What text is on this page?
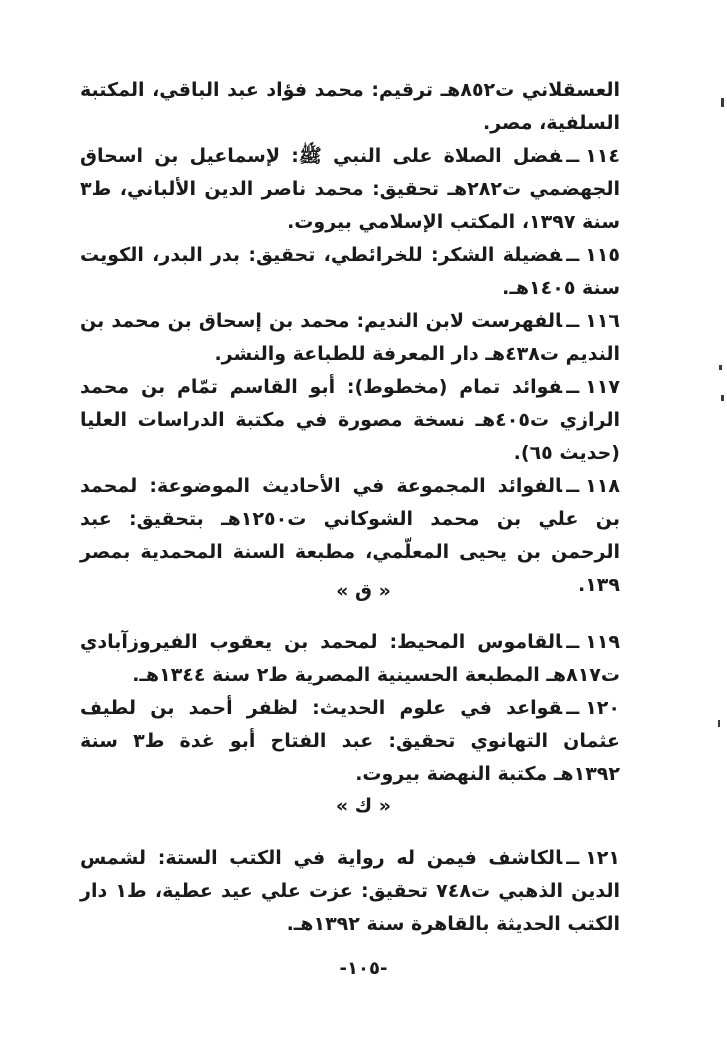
العسقلاني ت٨٥٢هـ ترقيم: محمد فؤاد عبد الباقي، المكتبة السلفية، مصر.

١١٤ــفضل الصلاة على النبي ﷺ: لإسماعيل بن اسحاق الجهضمي ت٢٨٢هـ تحقيق: محمد ناصر الدين الألباني، ط٣ سنة ١٣٩٧، المكتب الإسلامي بيروت.

١١٥ــفضيلة الشكر: للخرائطي، تحقيق: بدر البدر، الكويت سنة ١٤٠٥هـ.

١١٦ــالفهرست لابن النديم: محمد بن إسحاق بن محمد بن النديم ت٤٣٨هـ دار المعرفة للطباعة والنشر.

١١٧ــفوائد تمام (مخطوط): أبو القاسم تمّام بن محمد الرازي ت٤٠٥هـ نسخة مصورة في مكتبة الدراسات العليا (حديث ٦٥).

١١٨ــالفوائد المجموعة في الأحاديث الموضوعة: لمحمد بن علي بن محمد الشوكاني ت١٢٥٠هـ بتحقيق: عبد الرحمن بن يحيى المعلّمي، مطبعة السنة المحمدية بمصر ١٣٩.

« ق »

١١٩ــالقاموس المحيط: لمحمد بن يعقوب الفيروزآبادي ت٨١٧هـ المطبعة الحسينية المصرية ط٢ سنة ١٣٤٤هـ.

١٢٠ــقواعد في علوم الحديث: لظفر أحمد بن لطيف عثمان التهانوي تحقيق: عبد الفتاح أبو غدة ط٣ سنة ١٣٩٢هـ مكتبة النهضة بيروت.

« ك »

١٢١ــالكاشف فيمن له رواية في الكتب الستة: لشمس الدين الذهبي ت٧٤٨ تحقيق: عزت علي عيد عطية، ط١ دار الكتب الحديثة بالقاهرة سنة ١٣٩٢هـ.

-١٠٥-
